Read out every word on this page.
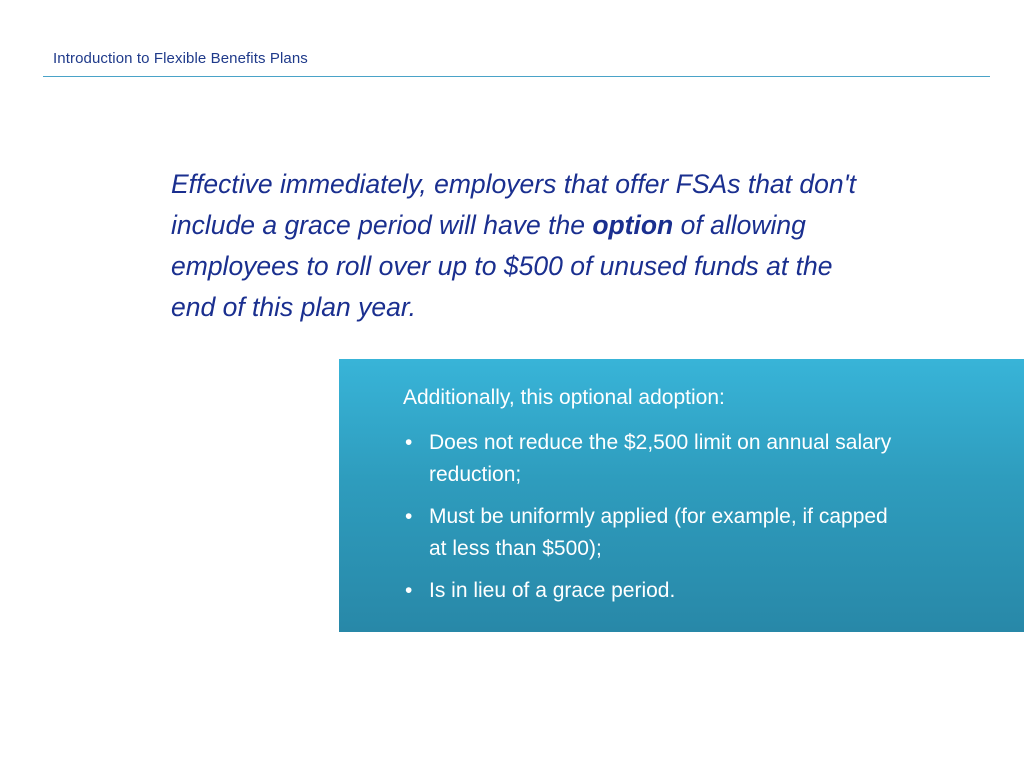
Introduction to Flexible Benefits Plans

Effective immediately, employers that offer FSAs that don't include a grace period will have the option of allowing employees to roll over up to $500 of unused funds at the end of this plan year.

Additionally, this optional adoption:
• Does not reduce the $2,500 limit on annual salary reduction;
• Must be uniformly applied (for example, if capped at less than $500);
• Is in lieu of a grace period.
